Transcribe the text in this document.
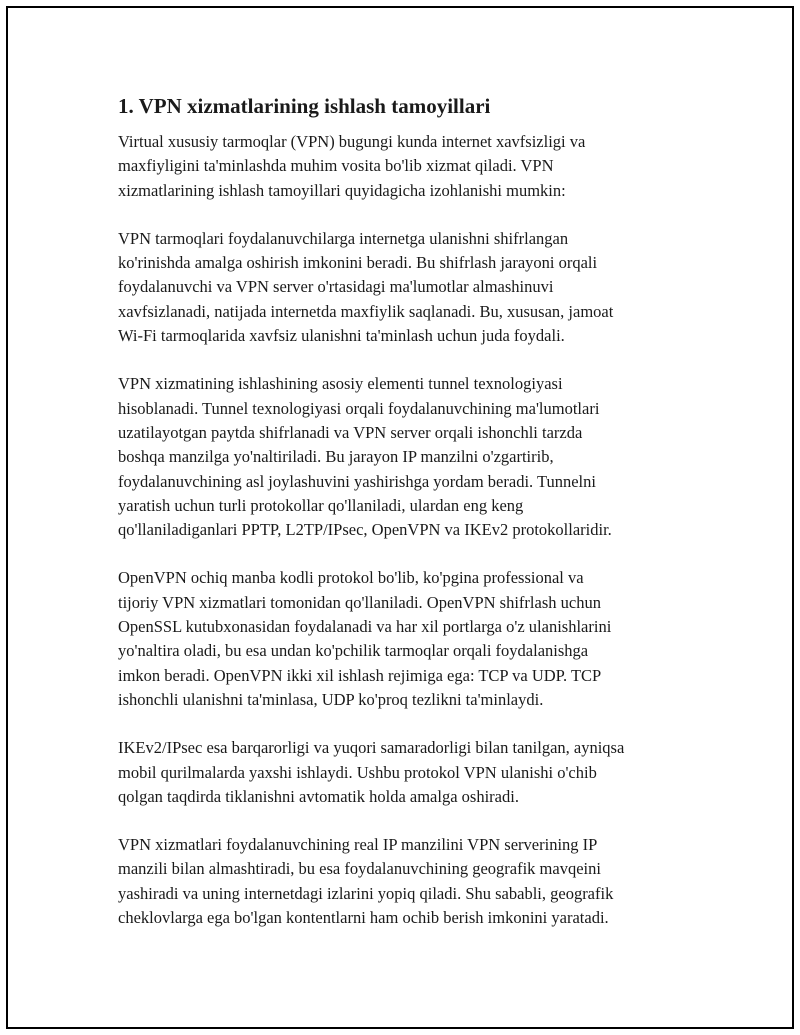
1. VPN xizmatlarining ishlash tamoyillari

Virtual xususiy tarmoqlar (VPN) bugungi kunda internet xavfsizligi va
maxfiyligini ta'minlashda muhim vosita bo'lib xizmat qiladi. VPN
xizmatlarining ishlash tamoyillari quyidagicha izohlanishi mumkin:

VPN tarmoqlari foydalanuvchilarga internetga ulanishni shifrlangan
ko'rinishda amalga oshirish imkonini beradi. Bu shifrlash jarayoni orqali
foydalanuvchi va VPN server o'rtasidagi ma'lumotlar almashinuvi
xavfsizlanadi, natijada internetda maxfiylik saqlanadi. Bu, xususan, jamoat
Wi-Fi tarmoqlarida xavfsiz ulanishni ta'minlash uchun juda foydali.

VPN xizmatining ishlashining asosiy elementi tunnel texnologiyasi
hisoblanadi. Tunnel texnologiyasi orqali foydalanuvchining ma'lumotlari
uzatilayotgan paytda shifrlanadi va VPN server orqali ishonchli tarzda
boshqa manzilga yo'naltiriladi. Bu jarayon IP manzilni o'zgartirib,
foydalanuvchining asl joylashuvini yashirishga yordam beradi. Tunnelni
yaratish uchun turli protokollar qo'llaniladi, ulardan eng keng
qo'llaniladiganlari PPTP, L2TP/IPsec, OpenVPN va IKEv2 protokollaridir.

OpenVPN ochiq manba kodli protokol bo'lib, ko'pgina professional va
tijoriy VPN xizmatlari tomonidan qo'llaniladi. OpenVPN shifrlash uchun
OpenSSL kutubxonasidan foydalanadi va har xil portlarga o'z ulanishlarini
yo'naltira oladi, bu esa undan ko'pchilik tarmoqlar orqali foydalanishga
imkon beradi. OpenVPN ikki xil ishlash rejimiga ega: TCP va UDP. TCP
ishonchli ulanishni ta'minlasa, UDP ko'proq tezlikni ta'minlaydi.

IKEv2/IPsec esa barqarorligi va yuqori samaradorligi bilan tanilgan, ayniqsa
mobil qurilmalarda yaxshi ishlaydi. Ushbu protokol VPN ulanishi o'chib
qolgan taqdirda tiklanishni avtomatik holda amalga oshiradi.

VPN xizmatlari foydalanuvchining real IP manzilini VPN serverining IP
manzili bilan almashtiradi, bu esa foydalanuvchining geografik mavqeini
yashiradi va uning internetdagi izlarini yopiq qiladi. Shu sababli, geografik
cheklovlarga ega bo'lgan kontentlarni ham ochib berish imkonini yaratadi.
